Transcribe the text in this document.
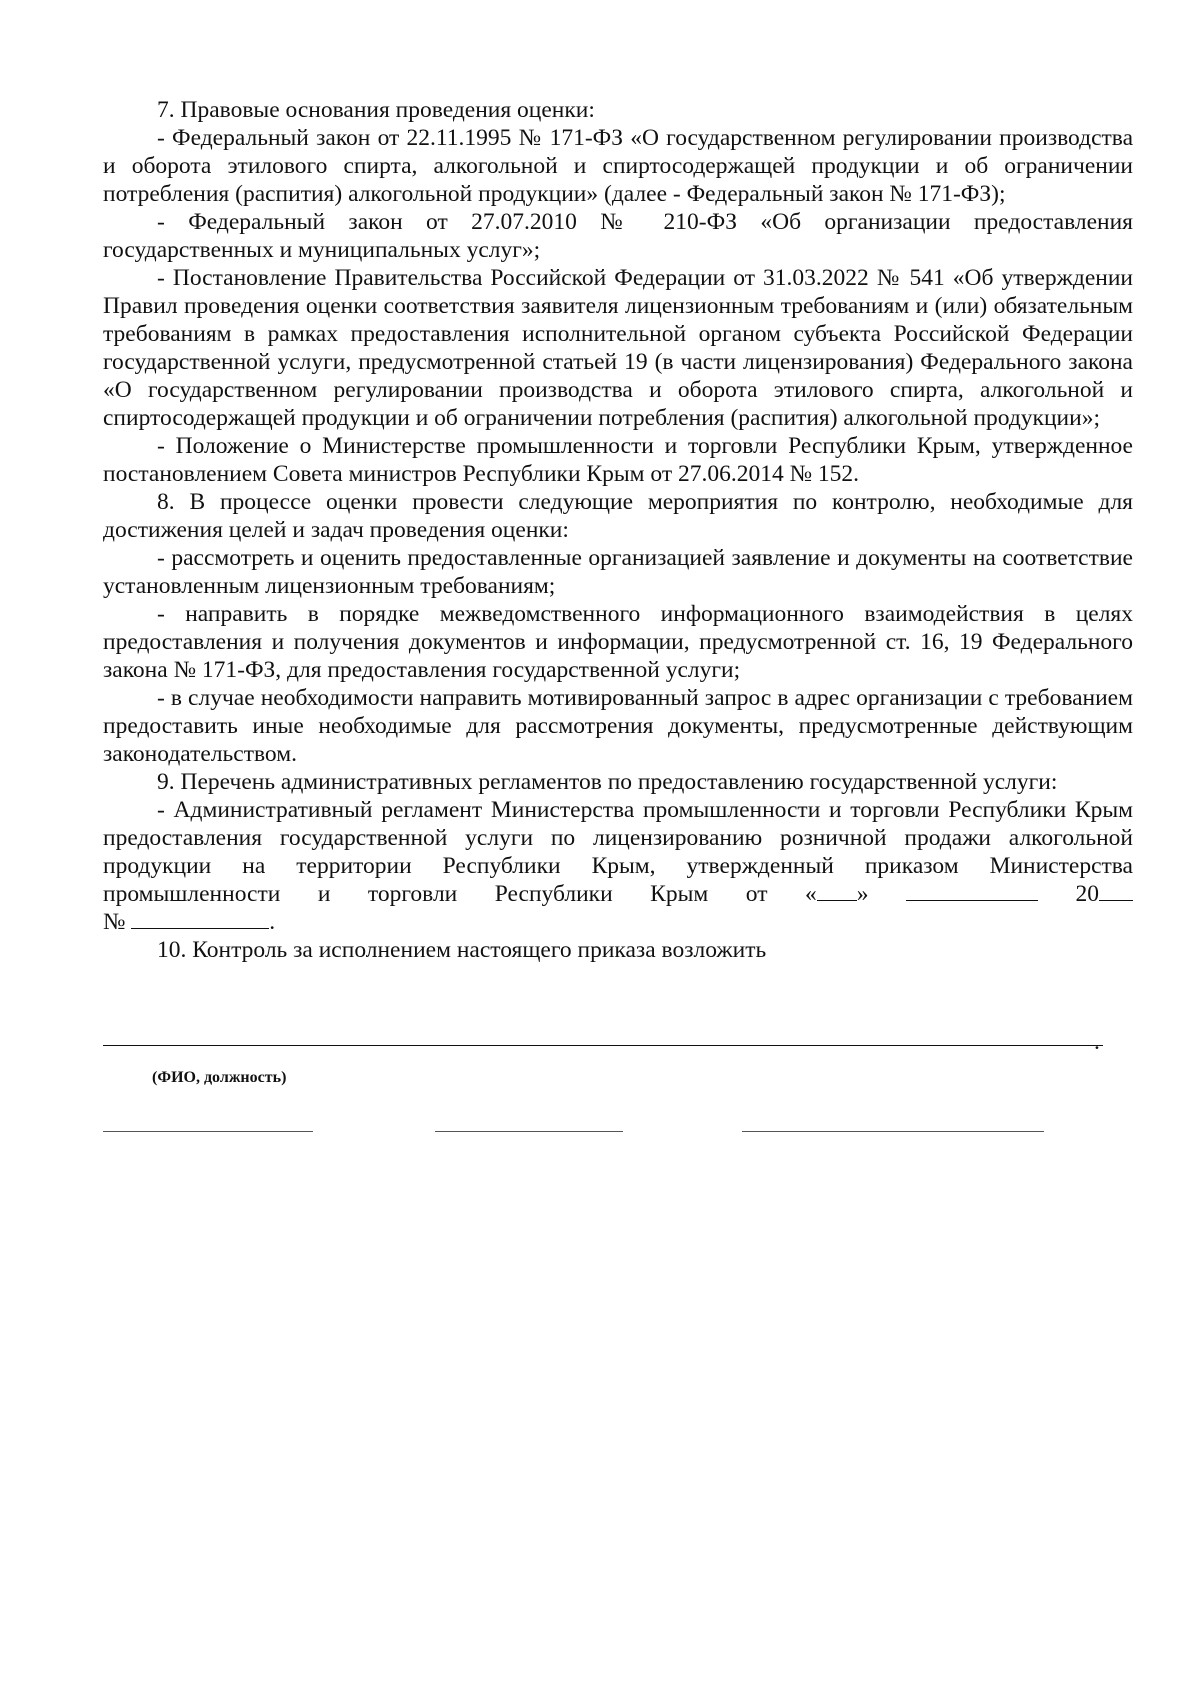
7. Правовые основания проведения оценки:

- Федеральный закон от 22.11.1995 № 171-ФЗ «О государственном регулировании производства и оборота этилового спирта, алкогольной и спиртосодержащей продукции и об ограничении потребления (распития) алкогольной продукции» (далее - Федеральный закон № 171-ФЗ);

- Федеральный закон от 27.07.2010 № 210-ФЗ «Об организации предоставления государственных и муниципальных услуг»;

- Постановление Правительства Российской Федерации от 31.03.2022 № 541 «Об утверждении Правил проведения оценки соответствия заявителя лицензионным требованиям и (или) обязательным требованиям в рамках предоставления исполнительной органом субъекта Российской Федерации государственной услуги, предусмотренной статьей 19 (в части лицензирования) Федерального закона «О государственном регулировании производства и оборота этилового спирта, алкогольной и спиртосодержащей продукции и об ограничении потребления (распития) алкогольной продукции»;

- Положение о Министерстве промышленности и торговли Республики Крым, утвержденное постановлением Совета министров Республики Крым от 27.06.2014 № 152.

8. В процессе оценки провести следующие мероприятия по контролю, необходимые для достижения целей и задач проведения оценки:

- рассмотреть и оценить предоставленные организацией заявление и документы на соответствие установленным лицензионным требованиям;

- направить в порядке межведомственного информационного взаимодействия в целях предоставления и получения документов и информации, предусмотренной ст. 16, 19 Федерального закона № 171-ФЗ, для предоставления государственной услуги;

- в случае необходимости направить мотивированный запрос в адрес организации с требованием предоставить иные необходимые для рассмотрения документы, предусмотренные действующим законодательством.

9. Перечень административных регламентов по предоставлению государственной услуги:

- Административный регламент Министерства промышленности и торговли Республики Крым предоставления государственной услуги по лицензированию розничной продажи алкогольной продукции на территории Республики Крым, утвержденный приказом Министерства промышленности и торговли Республики Крым от « »	20

№	.

10. Контроль за исполнением настоящего приказа возложить

.
(ФИО, должность)
